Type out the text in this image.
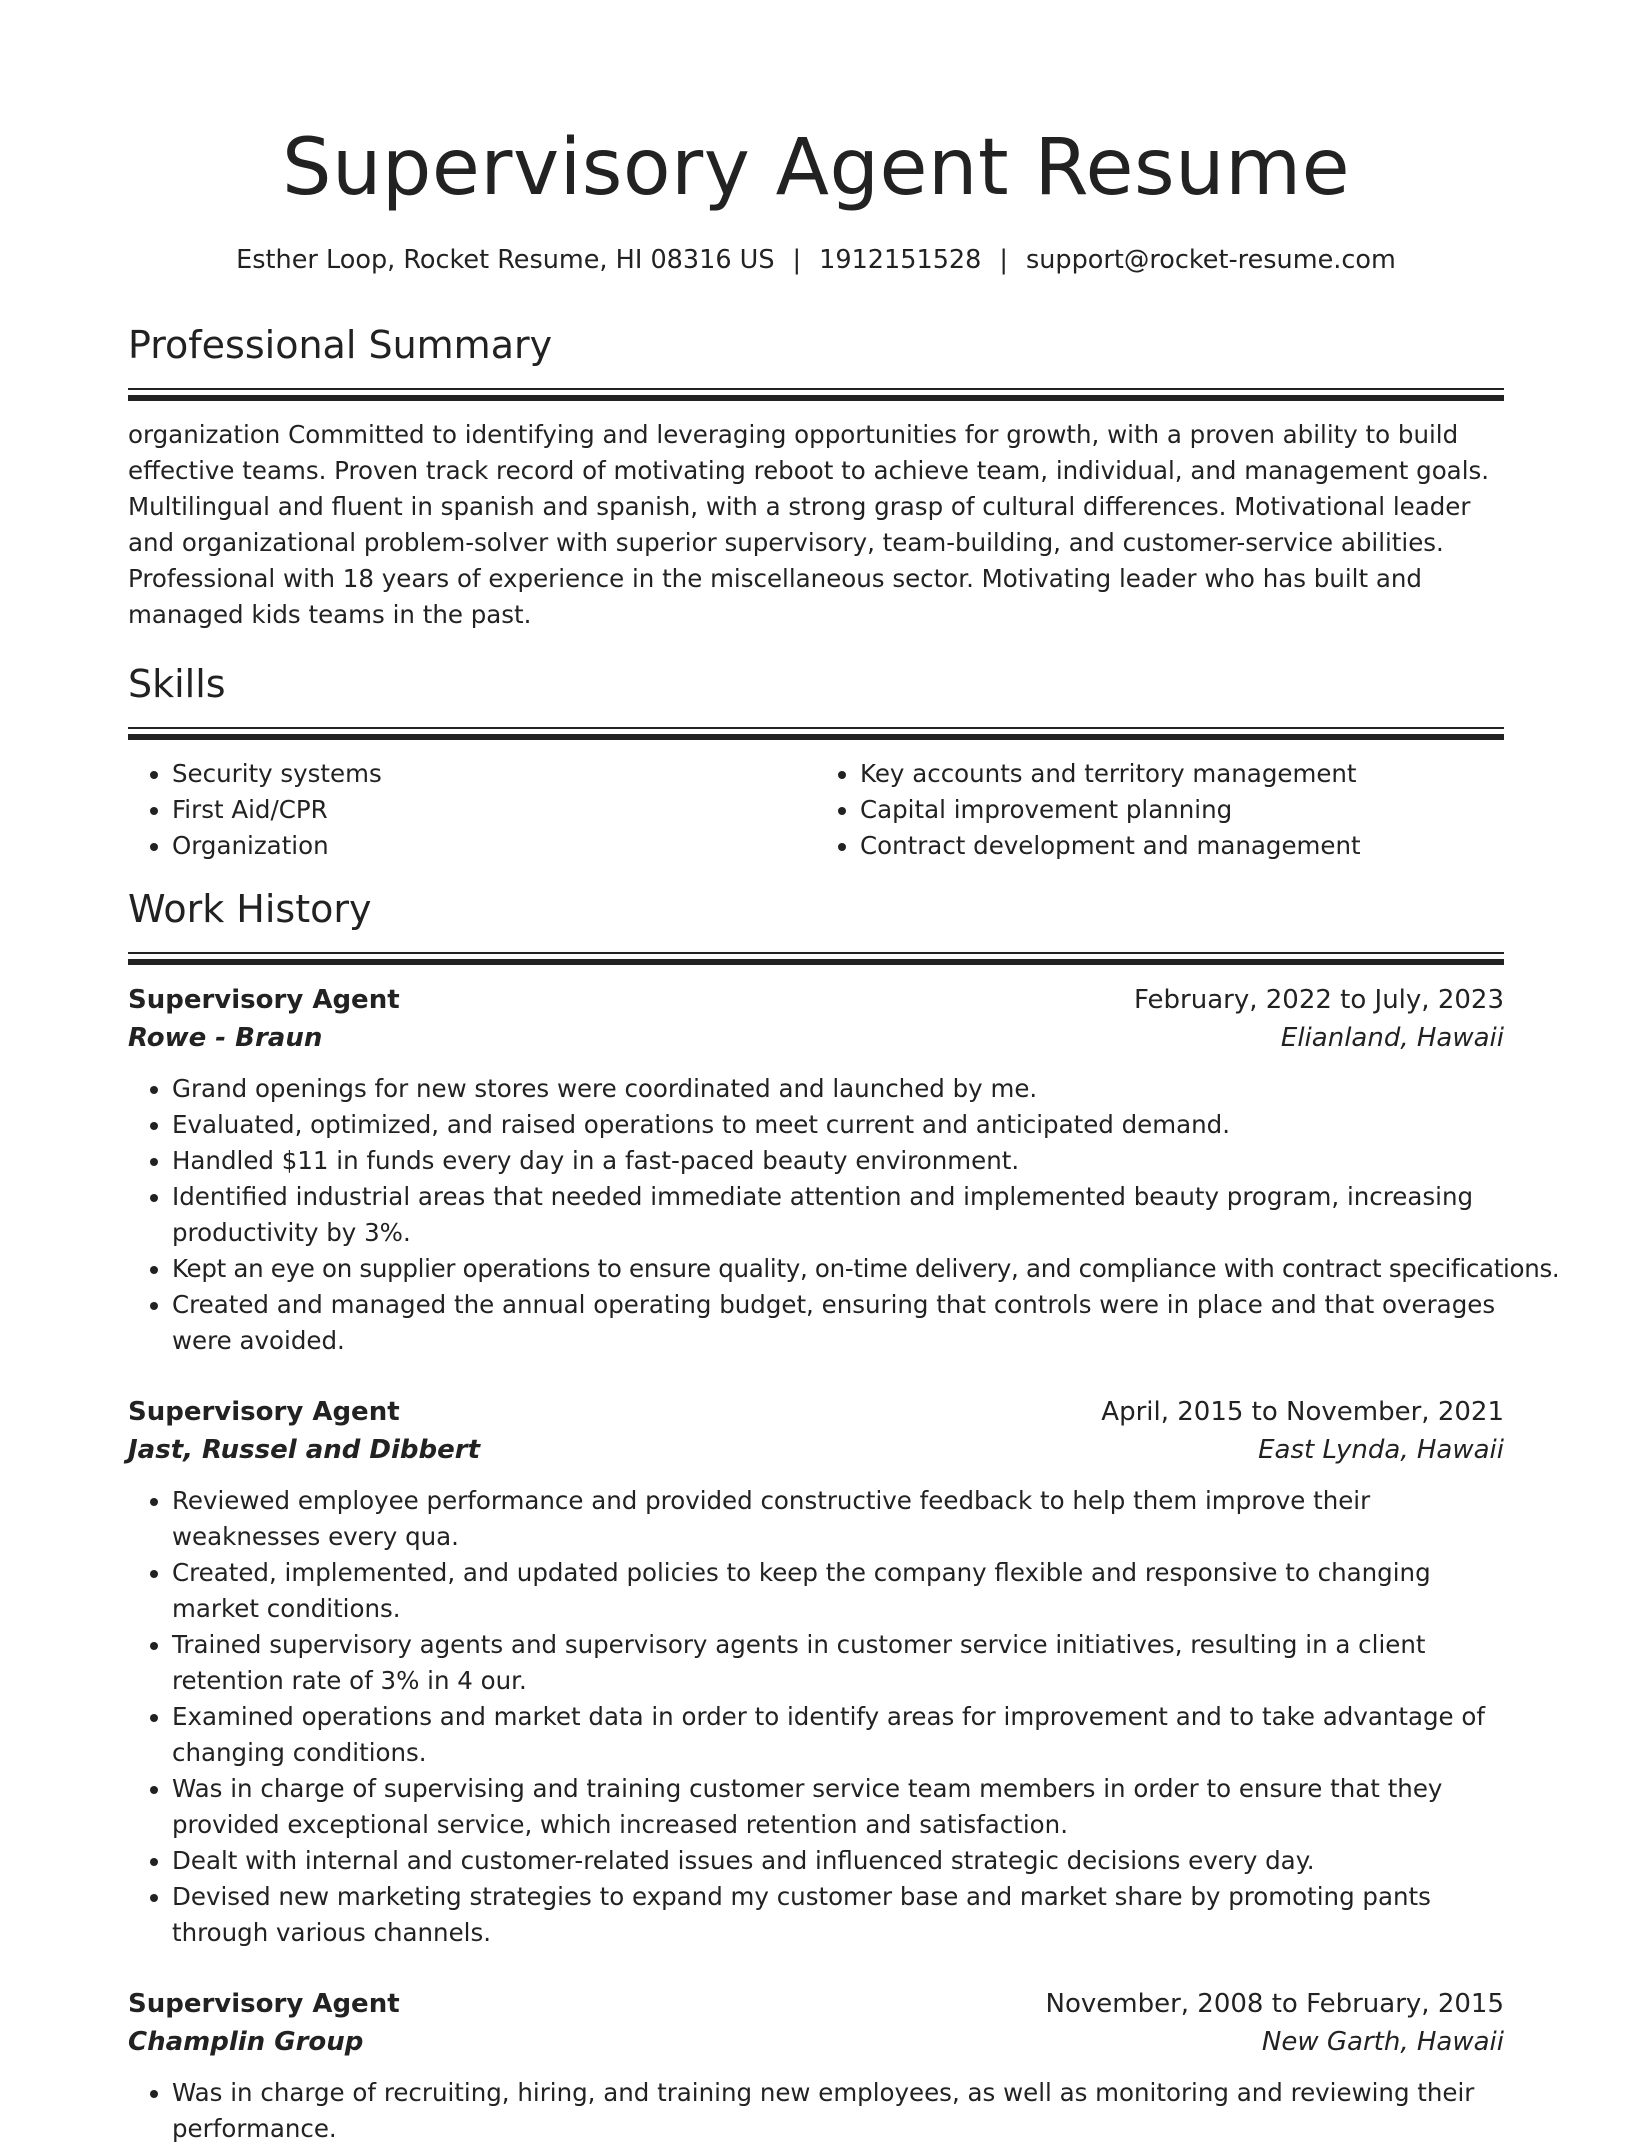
Supervisory Agent Resume
Esther Loop, Rocket Resume, HI 08316 US | 1912151528 | support@rocket-resume.com
Professional Summary

organization Committed to identifying and leveraging opportunities for growth, with a proven ability to build effective teams. Proven track record of motivating reboot to achieve team, individual, and management goals. Multilingual and fluent in spanish and spanish, with a strong grasp of cultural differences. Motivational leader and organizational problem-solver with superior supervisory, team-building, and customer-service abilities. Professional with 18 years of experience in the miscellaneous sector. Motivating leader who has built and managed kids teams in the past.

Skills
• Security systems
• First Aid/CPR
• Organization
• Key accounts and territory management
• Capital improvement planning
• Contract development and management
Work History
Supervisory Agent	February, 2022 to July, 2023
Rowe - Braun	Elianland, Hawaii
• Grand openings for new stores were coordinated and launched by me.
• Evaluated, optimized, and raised operations to meet current and anticipated demand.
• Handled $11 in funds every day in a fast-paced beauty environment.
• Identified industrial areas that needed immediate attention and implemented beauty program, increasing productivity by 3%.
• Kept an eye on supplier operations to ensure quality, on-time delivery, and compliance with contract specifications.
• Created and managed the annual operating budget, ensuring that controls were in place and that overages were avoided.
Supervisory Agent	April, 2015 to November, 2021
Jast, Russel and Dibbert	East Lynda, Hawaii
• Reviewed employee performance and provided constructive feedback to help them improve their weaknesses every qua.
• Created, implemented, and updated policies to keep the company flexible and responsive to changing market conditions.
• Trained supervisory agents and supervisory agents in customer service initiatives, resulting in a client retention rate of 3% in 4 our.
• Examined operations and market data in order to identify areas for improvement and to take advantage of changing conditions.
• Was in charge of supervising and training customer service team members in order to ensure that they provided exceptional service, which increased retention and satisfaction.
• Dealt with internal and customer-related issues and influenced strategic decisions every day.
• Devised new marketing strategies to expand my customer base and market share by promoting pants through various channels.
Supervisory Agent	November, 2008 to February, 2015
Champlin Group	New Garth, Hawaii
• Was in charge of recruiting, hiring, and training new employees, as well as monitoring and reviewing their performance.
